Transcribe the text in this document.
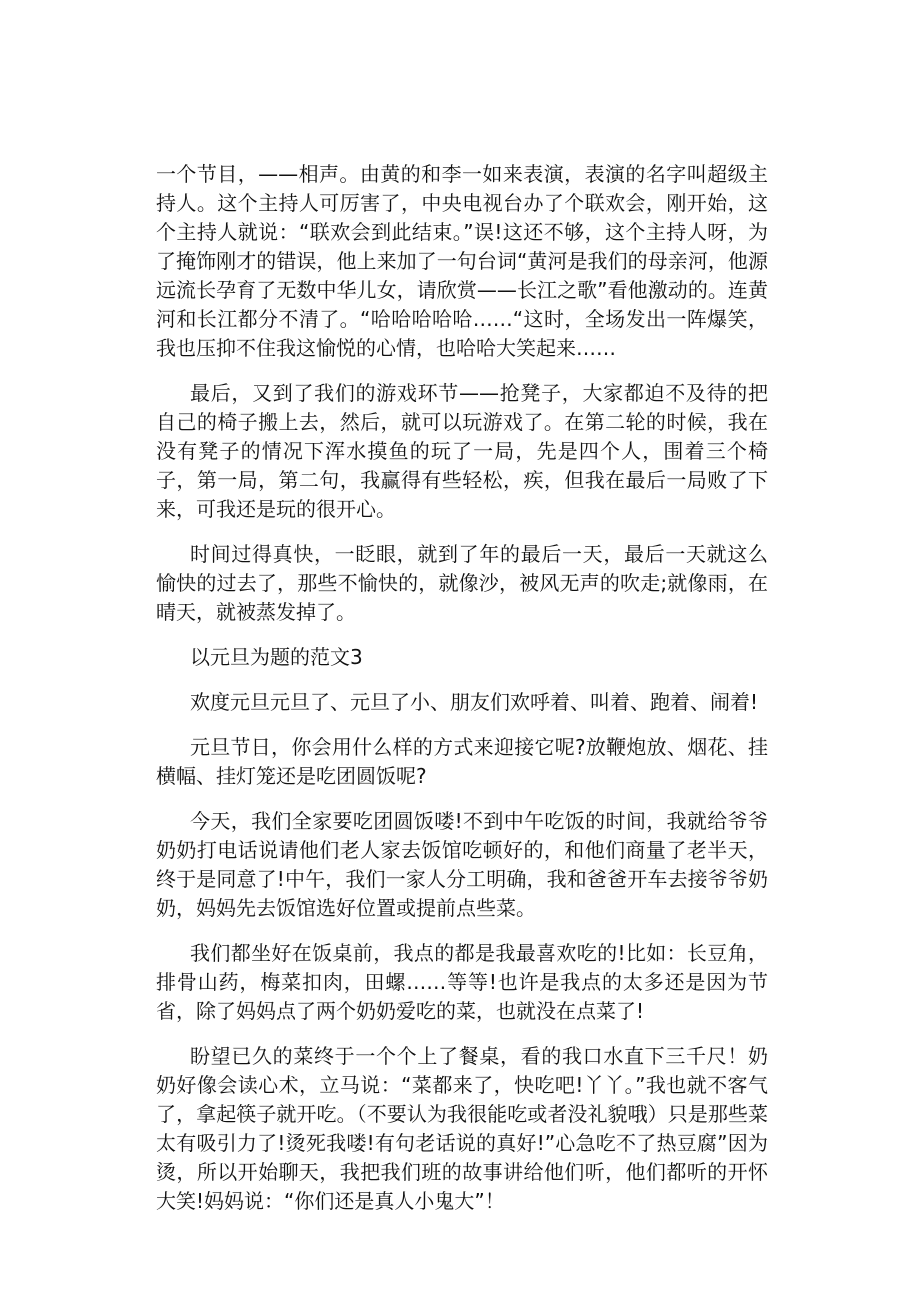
一个节目，——相声。由黄的和李一如来表演，表演的名字叫超级主持人。这个主持人可厉害了，中央电视台办了个联欢会，刚开始，这个主持人就说：“联欢会到此结束。”误!这还不够，这个主持人呀，为了掩饰刚才的错误，他上来加了一句台词“黄河是我们的母亲河，他源远流长孕育了无数中华儿女，请欣赏——长江之歌”看他激动的。连黄河和长江都分不清了。“哈哈哈哈哈……“这时，全场发出一阵爆笑，我也压抑不住我这愉悦的心情，也哈哈大笑起来……

最后，又到了我们的游戏环节——抢凳子，大家都迫不及待的把自己的椅子搬上去，然后，就可以玩游戏了。在第二轮的时候，我在没有凳子的情况下浑水摸鱼的玩了一局，先是四个人，围着三个椅子，第一局，第二句，我赢得有些轻松，疾，但我在最后一局败了下来，可我还是玩的很开心。

时间过得真快，一眨眼，就到了年的最后一天，最后一天就这么愉快的过去了，那些不愉快的，就像沙，被风无声的吹走;就像雨，在晴天，就被蒸发掉了。

以元旦为题的范文3

欢度元旦元旦了、元旦了小、朋友们欢呼着、叫着、跑着、闹着!

元旦节日，你会用什么样的方式来迎接它呢?放鞭炮放、烟花、挂横幅、挂灯笼还是吃团圆饭呢?

今天，我们全家要吃团圆饭喽!不到中午吃饭的时间，我就给爷爷奶奶打电话说请他们老人家去饭馆吃顿好的，和他们商量了老半天，终于是同意了!中午，我们一家人分工明确，我和爸爸开车去接爷爷奶奶，妈妈先去饭馆选好位置或提前点些菜。

我们都坐好在饭桌前，我点的都是我最喜欢吃的!比如：长豆角，排骨山药，梅菜扣肉，田螺……等等!也许是我点的太多还是因为节省，除了妈妈点了两个奶奶爱吃的菜，也就没在点菜了!

盼望已久的菜终于一个个上了餐桌，看的我口水直下三千尺！奶奶好像会读心术，立马说：“菜都来了，快吃吧!丫丫。”我也就不客气了，拿起筷子就开吃。（不要认为我很能吃或者没礼貌哦）只是那些菜太有吸引力了!烫死我喽!有句老话说的真好!”心急吃不了热豆腐”因为烫，所以开始聊天，我把我们班的故事讲给他们听，他们都听的开怀大笑!妈妈说：“你们还是真人小鬼大”！
